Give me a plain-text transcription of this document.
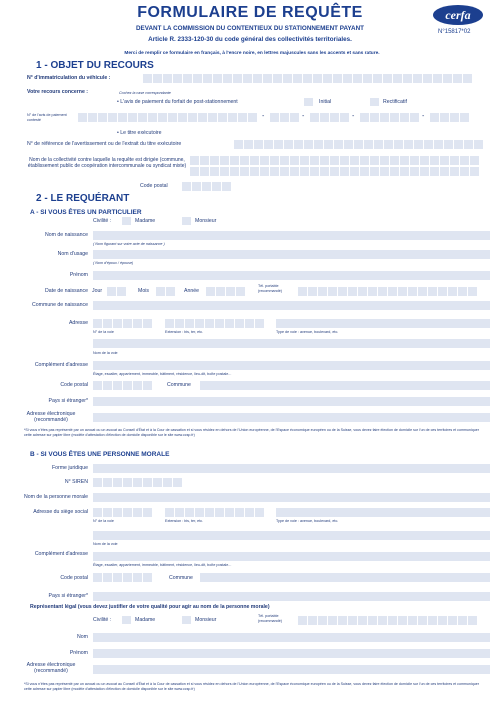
FORMULAIRE DE REQUÊTE
DEVANT LA COMMISSION DU CONTENTIEUX DU STATIONNEMENT PAYANT
Article R. 2333-120-30 du code général des collectivités territoriales.
Merci de remplir ce formulaire en français, à l'encre noire, en lettres majuscules sans les accents et sans rature.
cerfa
N°15817*02
1 - OBJET DU RECOURS
N° d'immatriculation du véhicule :
Votre recours concerne :	Cochez la case correspondante
• L'avis de paiement du forfait de post-stationnement	Initial	Rectificatif
N° de l'avis de paiement contesté	-	-	-	-
• Le titre exécutoire
N° de référence de l'avertissement ou de l'extrait du titre exécutoire
Nom de la collectivité contre laquelle la requête est dirigée (commune, établissement public de coopération intercommunale ou syndicat mixte)
Code postal
2 - LE REQUÉRANT
A - SI VOUS ÊTES UN PARTICULIER
Civilité :	Madame	Monsieur
Nom de naissance
( Nom figurant sur votre acte de naissance )
Nom d'usage
( Nom d'époux / épouse)
Prénom
Date de naissance Jour	Mois	Année
Tél. portable (recommandé)
Commune de naissance
Adresse
N° de la voie	Extension : bis, ter, etc.	Type de voie : avenue, boulevard, etc.
Nom de la voie
Complément d'adresse
Étage, escalier, appartement, immeuble, bâtiment, résidence, lieu-dit, boîte postale...
Code postal	Commune
Pays si étranger*
Adresse électronique (recommandé)
*Si vous n'êtes pas représenté par un avocat ou un avocat au Conseil d'État et à la Cour de cassation et si vous résidez en dehors de l'Union européenne, de l'Espace économique européen ou de la Suisse, vous devez faire élection de domicile sur l'un de ces territoires et communiquer cette adresse sur papier libre (modèle d'attestation d'élection de domicile disponible sur le site www.ccsp.fr)
B - SI VOUS ÊTES UNE PERSONNE MORALE
Forme juridique
N° SIREN
Nom de la personne morale
Adresse du siège social
N° de la voie	Extension : bis, ter, etc.	Type de voie : avenue, boulevard, etc.
Nom de la voie
Complément d'adresse
Étage, escalier, appartement, immeuble, bâtiment, résidence, lieu-dit, boîte postale...
Code postal	Commune
Pays si étranger*
Représentant légal (vous devez justifier de votre qualité pour agir au nom de la personne morale)
Civilité :	Madame	Monsieur
Tél. portable (recommandé)
Nom
Prénom
Adresse électronique (recommandé)
*Si vous n'êtes pas représenté par un avocat ou un avocat au Conseil d'État et à la Cour de cassation et si vous résidez en dehors de l'Union européenne, de l'Espace économique européen ou de la Suisse, vous devez faire élection de domicile sur l'un de ces territoires et communiquer cette adresse sur papier libre (modèle d'attestation d'élection de domicile disponible sur le site www.ccsp.fr)
